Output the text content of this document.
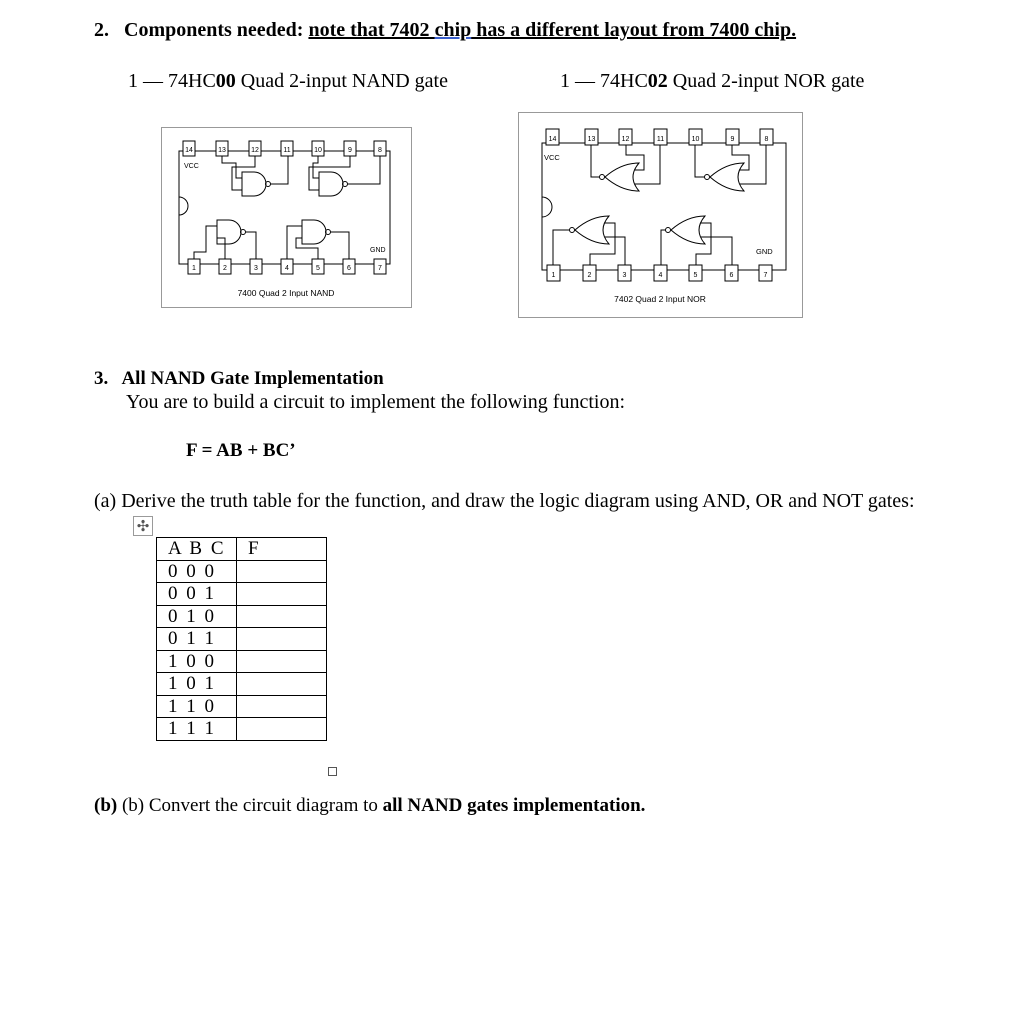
2. Components needed: note that 7402 chip has a different layout from 7400 chip.
1 — 74HC00 Quad 2-input NAND gate	1 — 74HC02 Quad 2-input NOR gate
14	13	12	11	10	9	8
1	2	3	4	5	6	7
VCC
GND
7400 Quad 2 Input NAND
14	13	12	11	10	9	8
1	2	3	4	5	6	7
VCC
GND
7402 Quad 2 Input NOR
3. All NAND Gate Implementation
You are to build a circuit to implement the following function:
F = AB + BC’
(a) Derive the truth table for the function, and draw the logic diagram using AND, OR and NOT gates:
✣
A B C	F
0 0 0	
0 0 1	
0 1 0	
0 1 1	
1 0 0	
1 0 1	
1 1 0	
1 1 1	
(b) (b) Convert the circuit diagram to all NAND gates implementation.
